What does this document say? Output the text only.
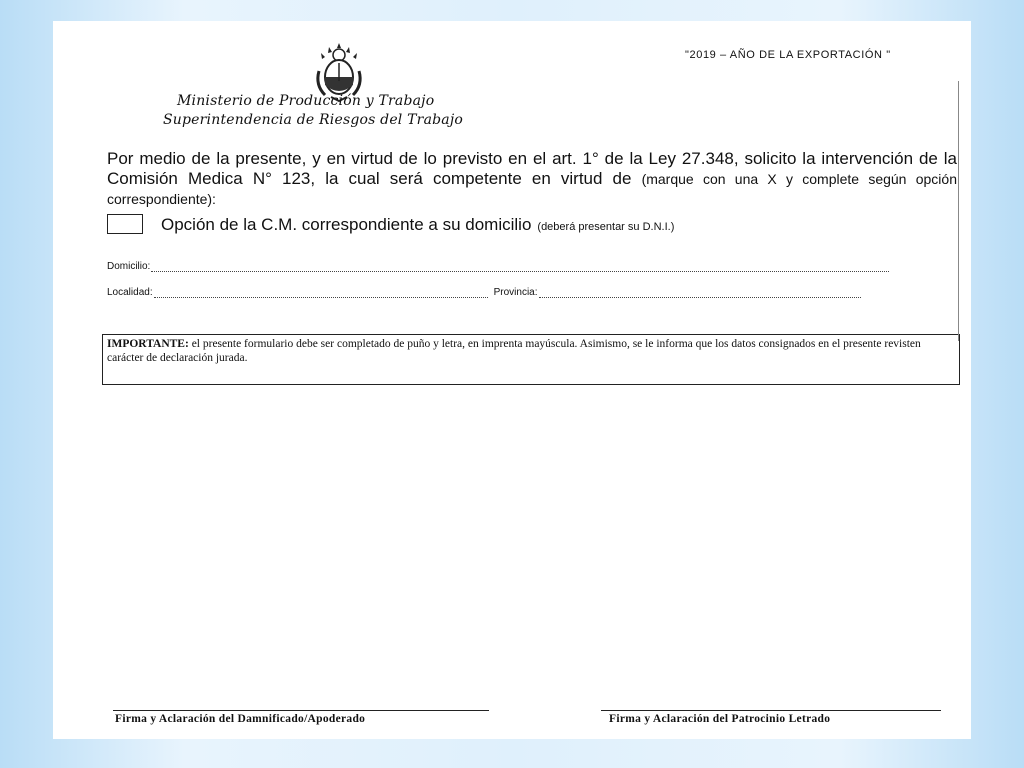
"2019 – AÑO DE LA EXPORTACIÓN "
Ministerio de Producción y Trabajo
Superintendencia de Riesgos del Trabajo
Por medio de la presente, y en virtud de lo previsto en el art. 1° de la Ley 27.348, solicito la intervención de la Comisión Medica N° 123, la cual será competente en virtud de (marque con una X y complete según opción correspondiente):
Opción de la C.M. correspondiente a su domicilio (deberá presentar su D.N.I.)
Domicilio:
Localidad:	Provincia:
IMPORTANTE: el presente formulario debe ser completado de puño y letra, en imprenta mayúscula. Asimismo, se le informa que los datos consignados en el presente revisten carácter de declaración jurada.
Firma y Aclaración del Damnificado/Apoderado	Firma y Aclaración del Patrocinio Letrado
